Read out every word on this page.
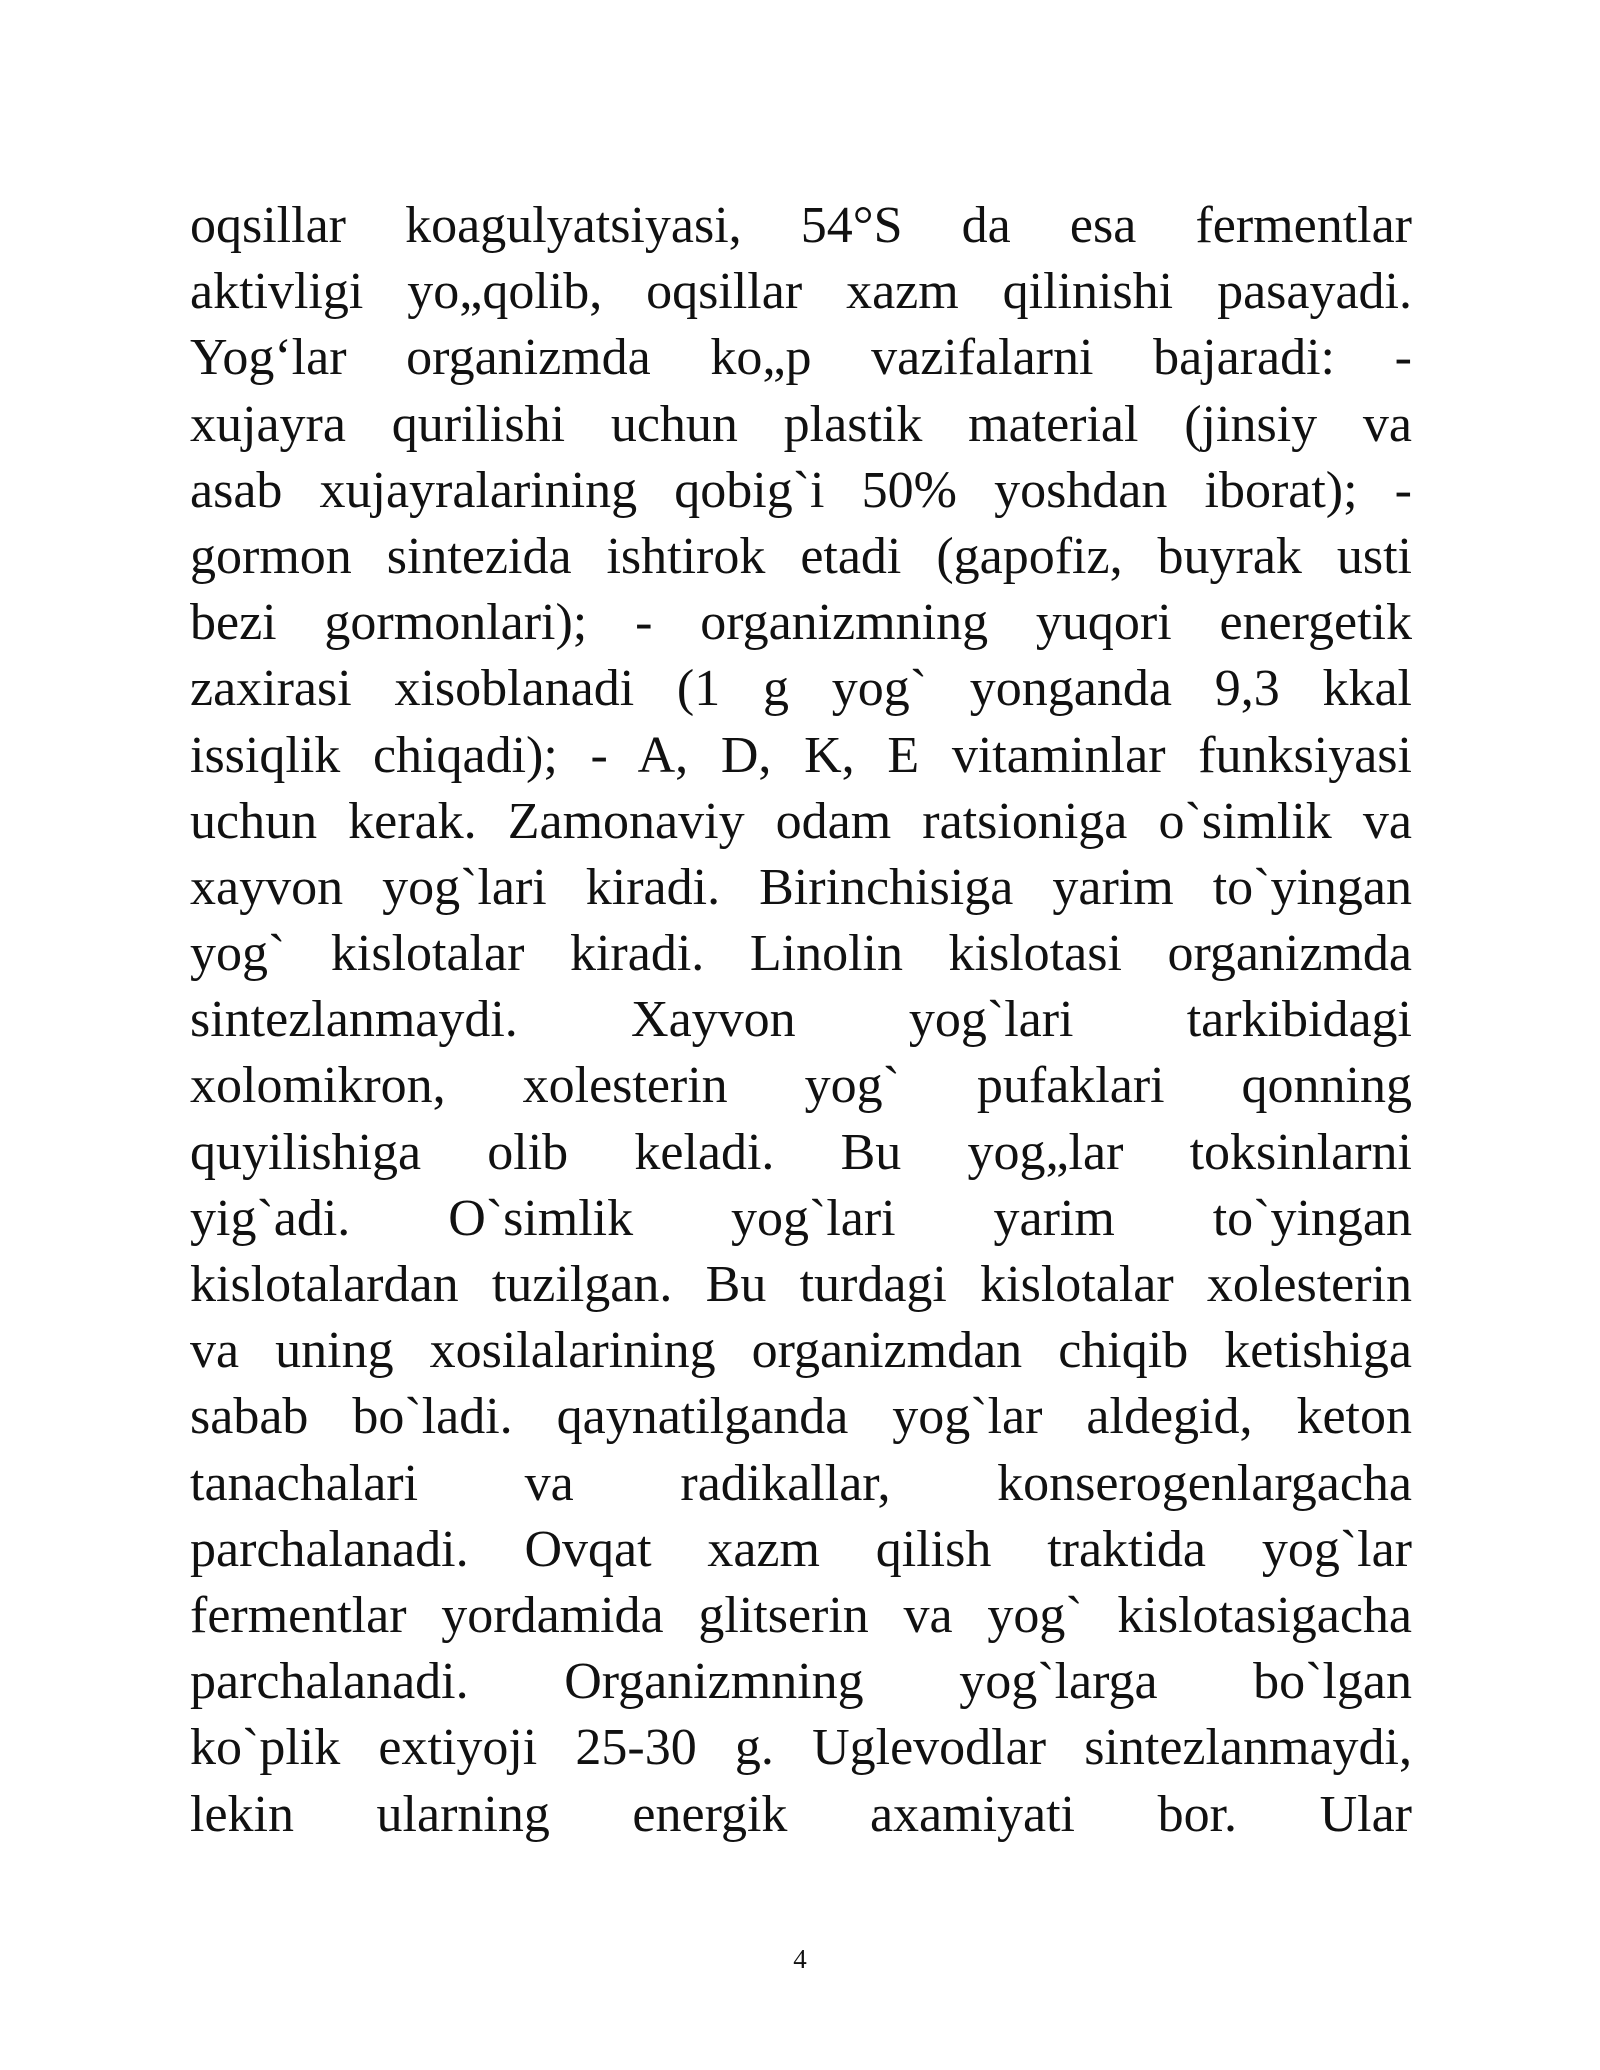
oqsillar koagulyatsiyasi, 54°S da esa fermentlar
aktivligi yo„qolib, oqsillar xazm qilinishi pasayadi.
Yog‘lar organizmda ko„p vazifalarni bajaradi: -
xujayra qurilishi uchun plastik material (jinsiy va
asab xujayralarining qobig`i 50% yoshdan iborat); -
gormon sintezida ishtirok etadi (gapofiz, buyrak usti
bezi gormonlari); - organizmning yuqori energetik
zaxirasi xisoblanadi (1 g yog` yonganda 9,3 kkal
issiqlik chiqadi); - A, D, K, E vitaminlar funksiyasi
uchun kerak. Zamonaviy odam ratsioniga o`simlik va
xayvon yog`lari kiradi. Birinchisiga yarim to`yingan
yog` kislotalar kiradi. Linolin kislotasi organizmda
sintezlanmaydi. Xayvon yog`lari tarkibidagi
xolomikron, xolesterin yog` pufaklari qonning
quyilishiga olib keladi. Bu yog„lar toksinlarni
yig`adi. O`simlik yog`lari yarim to`yingan
kislotalardan tuzilgan. Bu turdagi kislotalar xolesterin
va uning xosilalarining organizmdan chiqib ketishiga
sabab bo`ladi. qaynatilganda yog`lar aldegid, keton
tanachalari va radikallar, konserogenlargacha
parchalanadi. Ovqat xazm qilish traktida yog`lar
fermentlar yordamida glitserin va yog` kislotasigacha
parchalanadi. Organizmning yog`larga bo`lgan
ko`plik extiyoji 25-30 g. Uglevodlar sintezlanmaydi,
lekin ularning energik axamiyati bor. Ular
4
